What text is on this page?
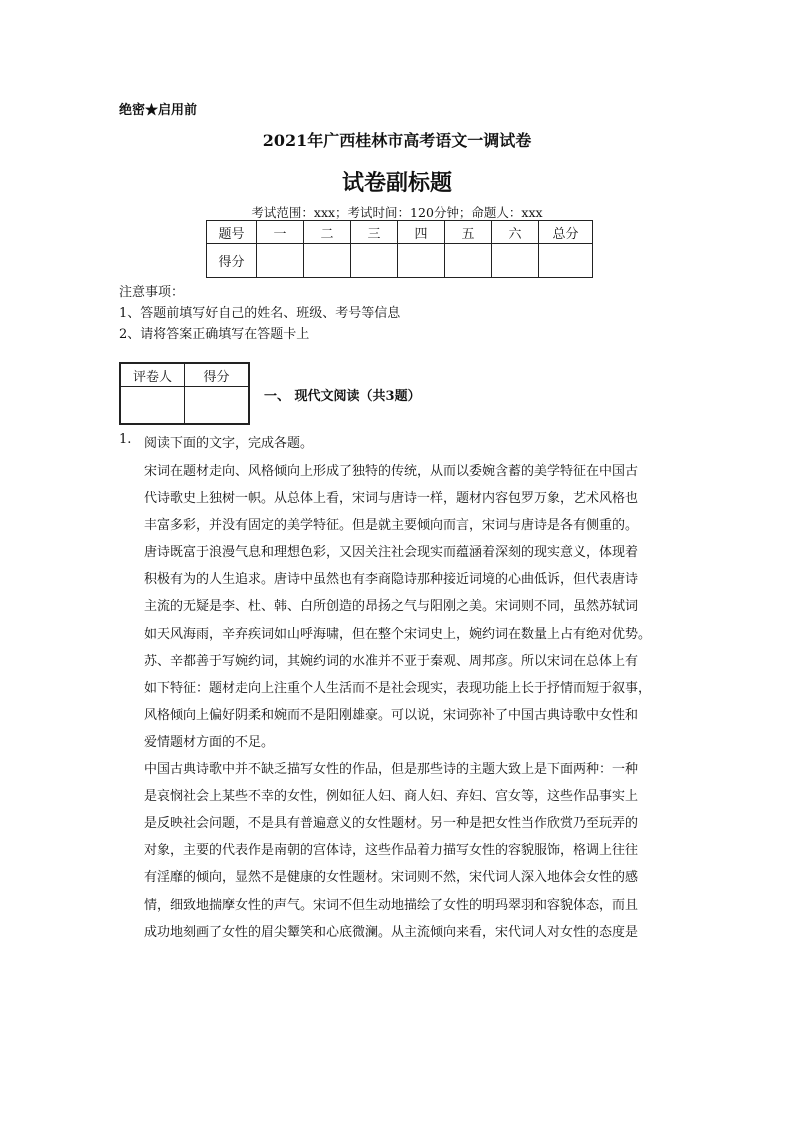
绝密★启用前
2021年广西桂林市高考语文一调试卷
试卷副标题
考试范围：xxx；考试时间：120分钟；命题人：xxx
题号	一	二	三	四	五	六	总分
得分							
注意事项：
1、答题前填写好自己的姓名、班级、考号等信息
2、请将答案正确填写在答题卡上
评卷人	得分

一、 现代文阅读（共3题）
1. 阅读下面的文字，完成各题。

宋词在题材走向、风格倾向上形成了独特的传统，从而以委婉含蓄的美学特征在中国古

代诗歌史上独树一帜。从总体上看，宋词与唐诗一样，题材内容包罗万象，艺术风格也

丰富多彩，并没有固定的美学特征。但是就主要倾向而言，宋词与唐诗是各有侧重的。

唐诗既富于浪漫气息和理想色彩，又因关注社会现实而蕴涵着深刻的现实意义，体现着

积极有为的人生追求。唐诗中虽然也有李商隐诗那种接近词境的心曲低诉，但代表唐诗

主流的无疑是李、杜、韩、白所创造的昂扬之气与阳刚之美。宋词则不同，虽然苏轼词

如天风海雨，辛弃疾词如山呼海啸，但在整个宋词史上，婉约词在数量上占有绝对优势。

苏、辛都善于写婉约词，其婉约词的水准并不亚于秦观、周邦彦。所以宋词在总体上有

如下特征：题材走向上注重个人生活而不是社会现实，表现功能上长于抒情而短于叙事，

风格倾向上偏好阴柔和婉而不是阳刚雄豪。可以说，宋词弥补了中国古典诗歌中女性和

爱情题材方面的不足。

中国古典诗歌中并不缺乏描写女性的作品，但是那些诗的主题大致上是下面两种：一种

是哀悯社会上某些不幸的女性，例如征人妇、商人妇、弃妇、宫女等，这些作品事实上

是反映社会问题，不是具有普遍意义的女性题材。另一种是把女性当作欣赏乃至玩弄的

对象，主要的代表作是南朝的宫体诗，这些作品着力描写女性的容貌服饰，格调上往往

有淫靡的倾向，显然不是健康的女性题材。宋词则不然，宋代词人深入地体会女性的感

情，细致地揣摩女性的声气。宋词不但生动地描绘了女性的明玛翠羽和容貌体态，而且

成功地刻画了女性的眉尖颦笑和心底微澜。从主流倾向来看，宋代词人对女性的态度是
